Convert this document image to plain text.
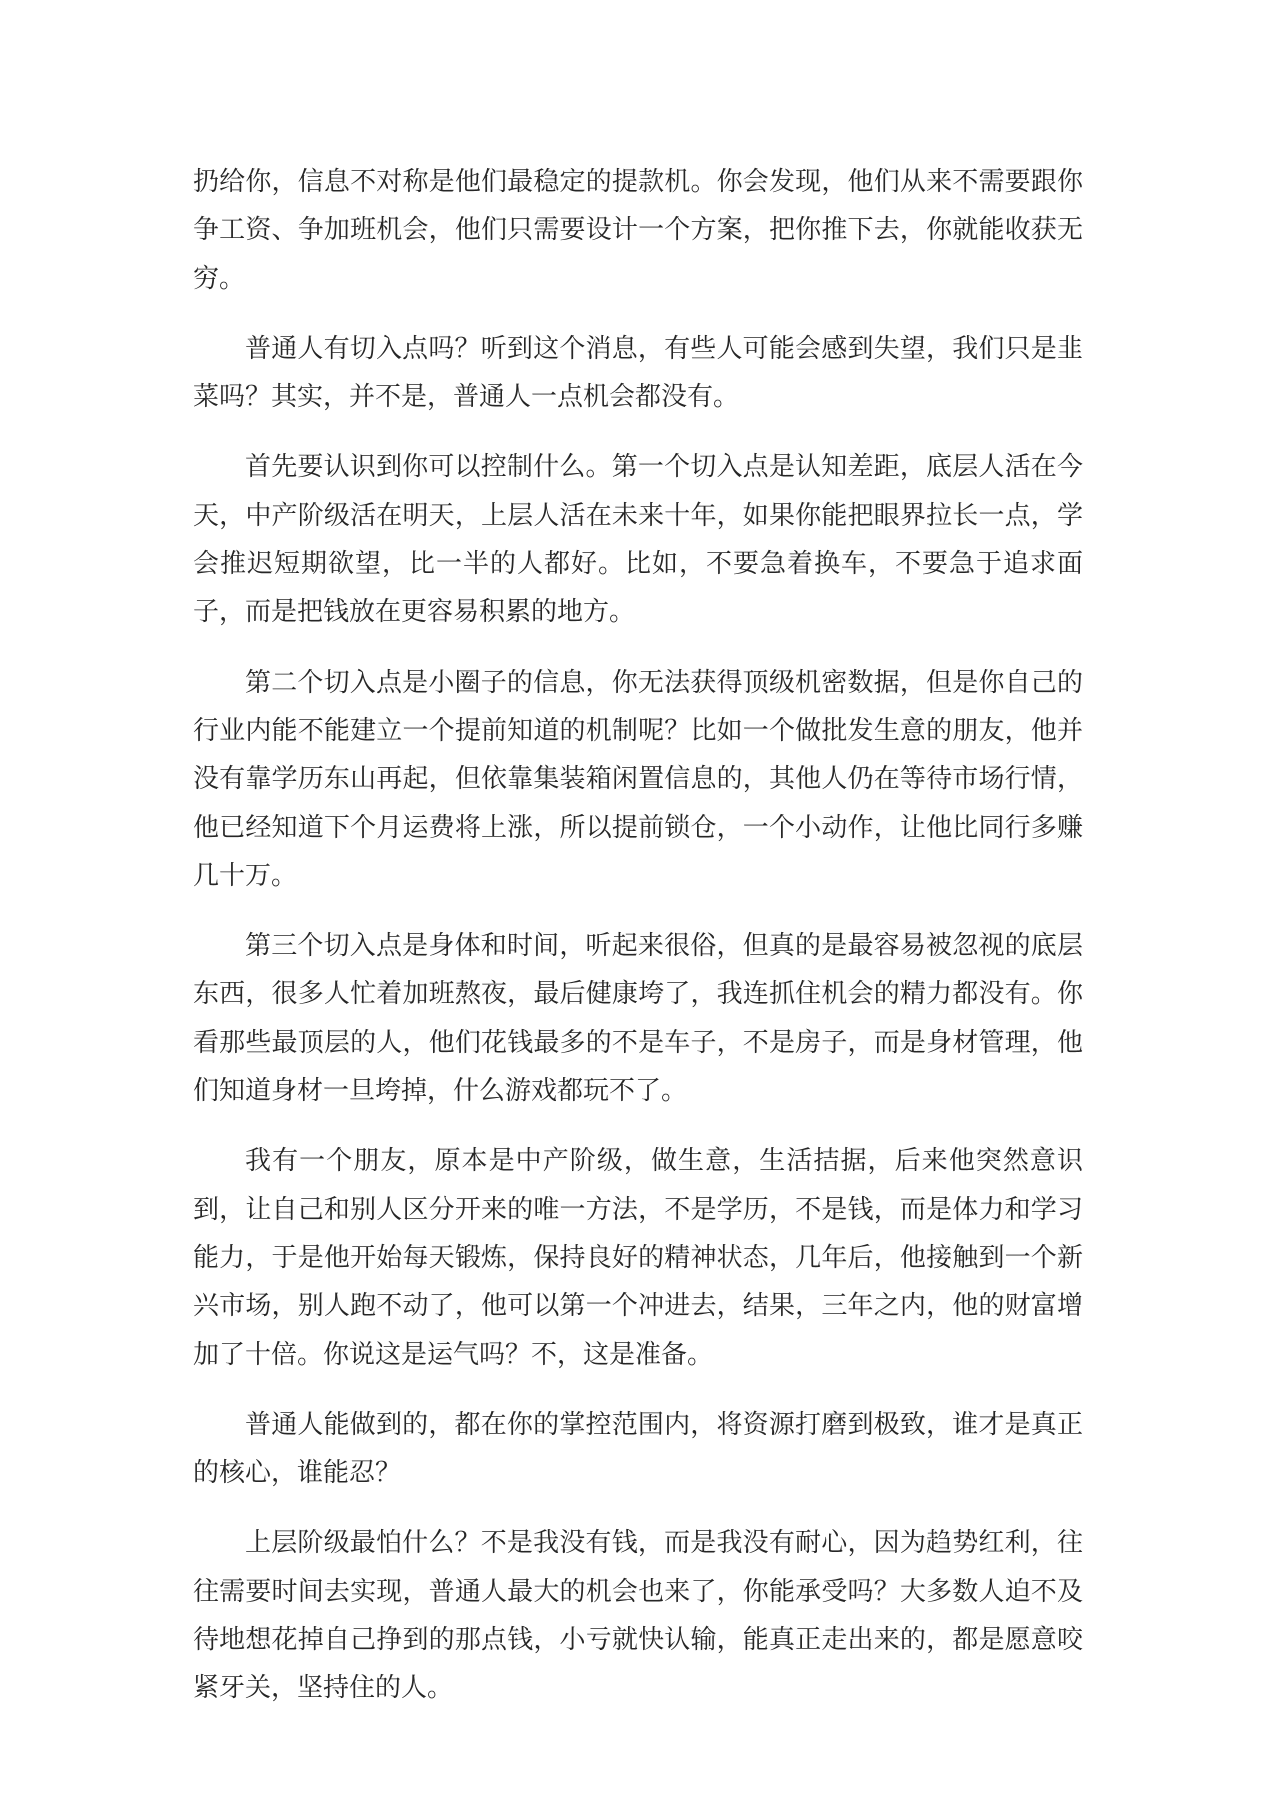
扔给你，信息不对称是他们最稳定的提款机。你会发现，他们从来不需要跟你争工资、争加班机会，他们只需要设计一个方案，把你推下去，你就能收获无穷。

普通人有切入点吗？听到这个消息，有些人可能会感到失望，我们只是韭菜吗？其实，并不是，普通人一点机会都没有。

首先要认识到你可以控制什么。第一个切入点是认知差距，底层人活在今天，中产阶级活在明天，上层人活在未来十年，如果你能把眼界拉长一点，学会推迟短期欲望，比一半的人都好。比如，不要急着换车，不要急于追求面子，而是把钱放在更容易积累的地方。

第二个切入点是小圈子的信息，你无法获得顶级机密数据，但是你自己的行业内能不能建立一个提前知道的机制呢？比如一个做批发生意的朋友，他并没有靠学历东山再起，但依靠集装箱闲置信息的，其他人仍在等待市场行情，他已经知道下个月运费将上涨，所以提前锁仓，一个小动作，让他比同行多赚几十万。

第三个切入点是身体和时间，听起来很俗，但真的是最容易被忽视的底层东西，很多人忙着加班熬夜，最后健康垮了，我连抓住机会的精力都没有。你看那些最顶层的人，他们花钱最多的不是车子，不是房子，而是身材管理，他们知道身材一旦垮掉，什么游戏都玩不了。

我有一个朋友，原本是中产阶级，做生意，生活拮据，后来他突然意识到，让自己和别人区分开来的唯一方法，不是学历，不是钱，而是体力和学习能力，于是他开始每天锻炼，保持良好的精神状态，几年后，他接触到一个新兴市场，别人跑不动了，他可以第一个冲进去，结果，三年之内，他的财富增加了十倍。你说这是运气吗？不，这是准备。

普通人能做到的，都在你的掌控范围内，将资源打磨到极致，谁才是真正的核心，谁能忍？

上层阶级最怕什么？不是我没有钱，而是我没有耐心，因为趋势红利，往往需要时间去实现，普通人最大的机会也来了，你能承受吗？大多数人迫不及待地想花掉自己挣到的那点钱，小亏就快认输，能真正走出来的，都是愿意咬紧牙关，坚持住的人。
